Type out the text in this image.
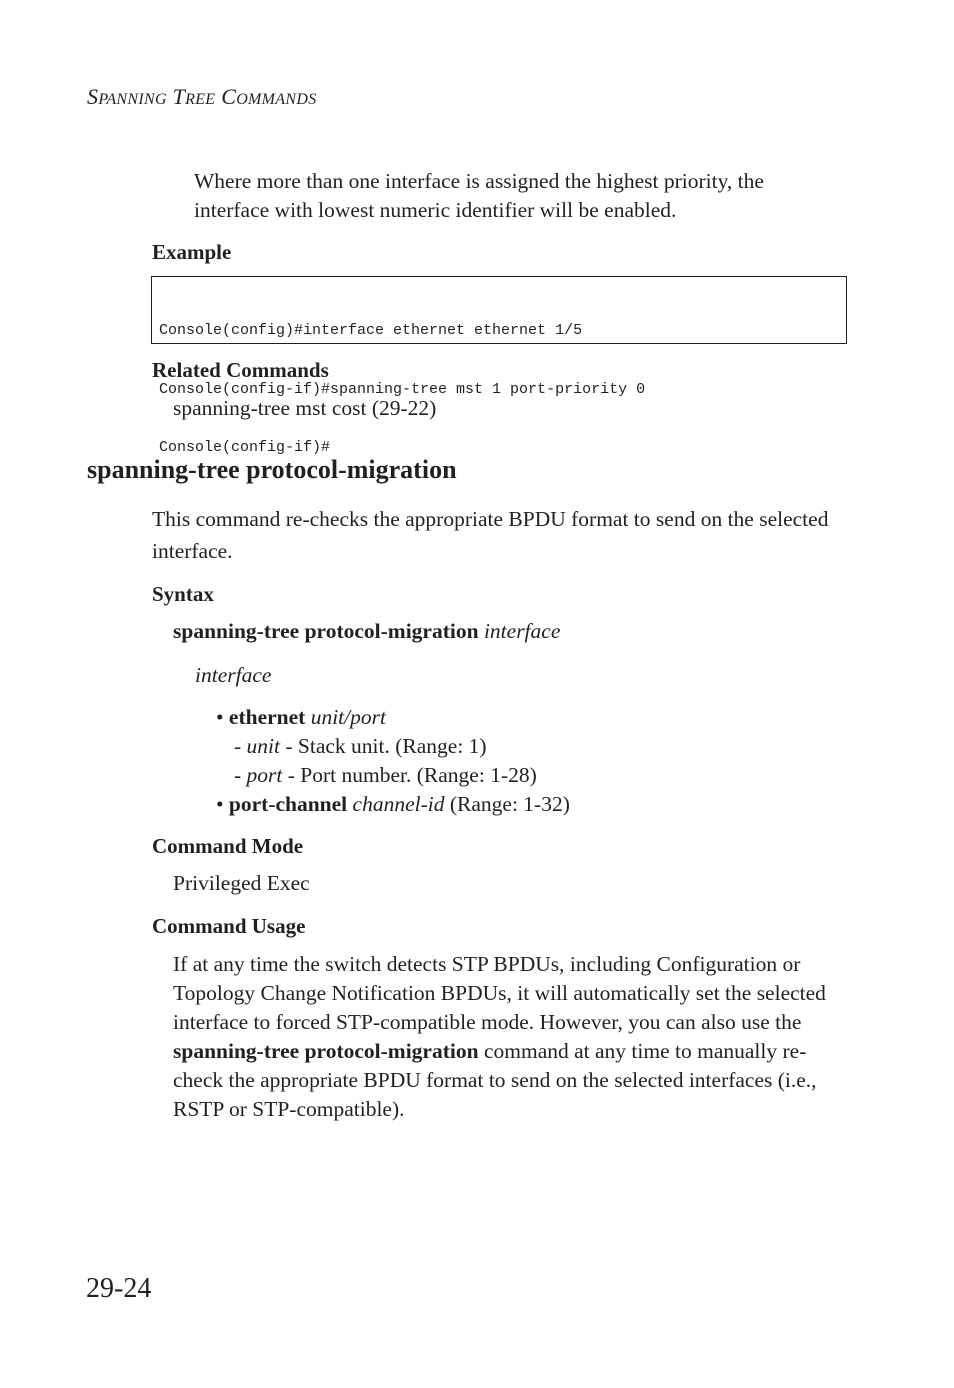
SPANNING TREE COMMANDS
Where more than one interface is assigned the highest priority, the interface with lowest numeric identifier will be enabled.
Example

Console(config)#interface ethernet ethernet 1/5

Console(config-if)#spanning-tree mst 1 port-priority 0

Console(config-if)#

Related Commands
spanning-tree mst cost (29-22)
spanning-tree protocol-migration
This command re-checks the appropriate BPDU format to send on the selected interface.
Syntax
spanning-tree protocol-migration interface
interface
• ethernet unit/port
- unit - Stack unit. (Range: 1)
- port - Port number. (Range: 1-28)
• port-channel channel-id (Range: 1-32)
Command Mode
Privileged Exec
Command Usage
If at any time the switch detects STP BPDUs, including Configuration or Topology Change Notification BPDUs, it will automatically set the selected interface to forced STP-compatible mode. However, you can also use the spanning-tree protocol-migration command at any time to manually re-check the appropriate BPDU format to send on the selected interfaces (i.e., RSTP or STP-compatible).
29-24
